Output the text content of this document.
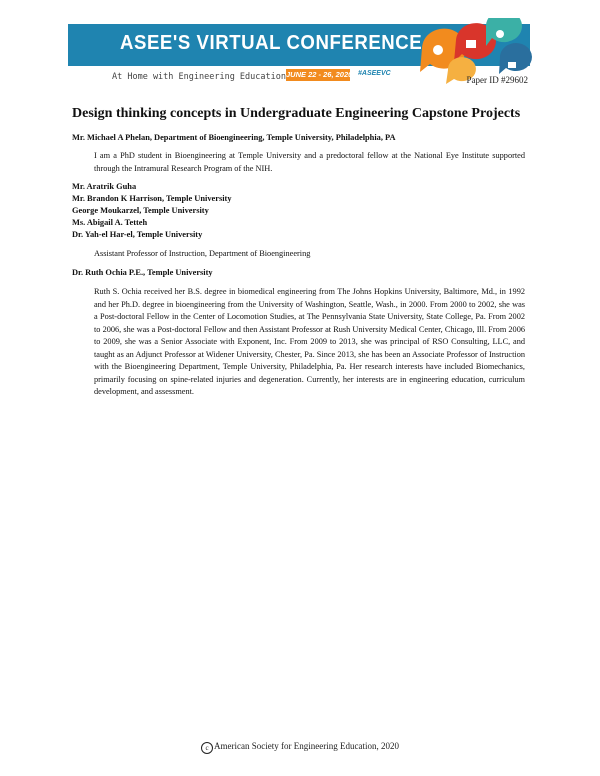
ASEE'S VIRTUAL CONFERENCE
At Home with Engineering Education JUNE 22 - 26, 2020 #ASEEVC
Paper ID #29602
Design thinking concepts in Undergraduate Engineering Capstone Projects
Mr. Michael A Phelan, Department of Bioengineering, Temple University, Philadelphia, PA
I am a PhD student in Bioengineering at Temple University and a predoctoral fellow at the National Eye Institute supported through the Intramural Research Program of the NIH.
Mr. Aratrik Guha
Mr. Brandon K Harrison, Temple University
George Moukarzel, Temple University
Ms. Abigail A. Tetteh
Dr. Yah-el Har-el, Temple University
Assistant Professor of Instruction, Department of Bioengineering
Dr. Ruth Ochia P.E., Temple University
Ruth S. Ochia received her B.S. degree in biomedical engineering from The Johns Hopkins University, Baltimore, Md., in 1992 and her Ph.D. degree in bioengineering from the University of Washington, Seattle, Wash., in 2000. From 2000 to 2002, she was a Post-doctoral Fellow in the Center of Locomotion Studies, at The Pennsylvania State University, State College, Pa. From 2002 to 2006, she was a Post-doctoral Fellow and then Assistant Professor at Rush University Medical Center, Chicago, Ill. From 2006 to 2009, she was a Senior Associate with Exponent, Inc. From 2009 to 2013, she was principal of RSO Consulting, LLC, and taught as an Adjunct Professor at Widener University, Chester, Pa. Since 2013, she has been an Associate Professor of Instruction with the Bioengineering Department, Temple University, Philadelphia, Pa. Her research interests have included Biomechanics, primarily focusing on spine-related injuries and degeneration. Currently, her interests are in engineering education, curriculum development, and assessment.
c American Society for Engineering Education, 2020
